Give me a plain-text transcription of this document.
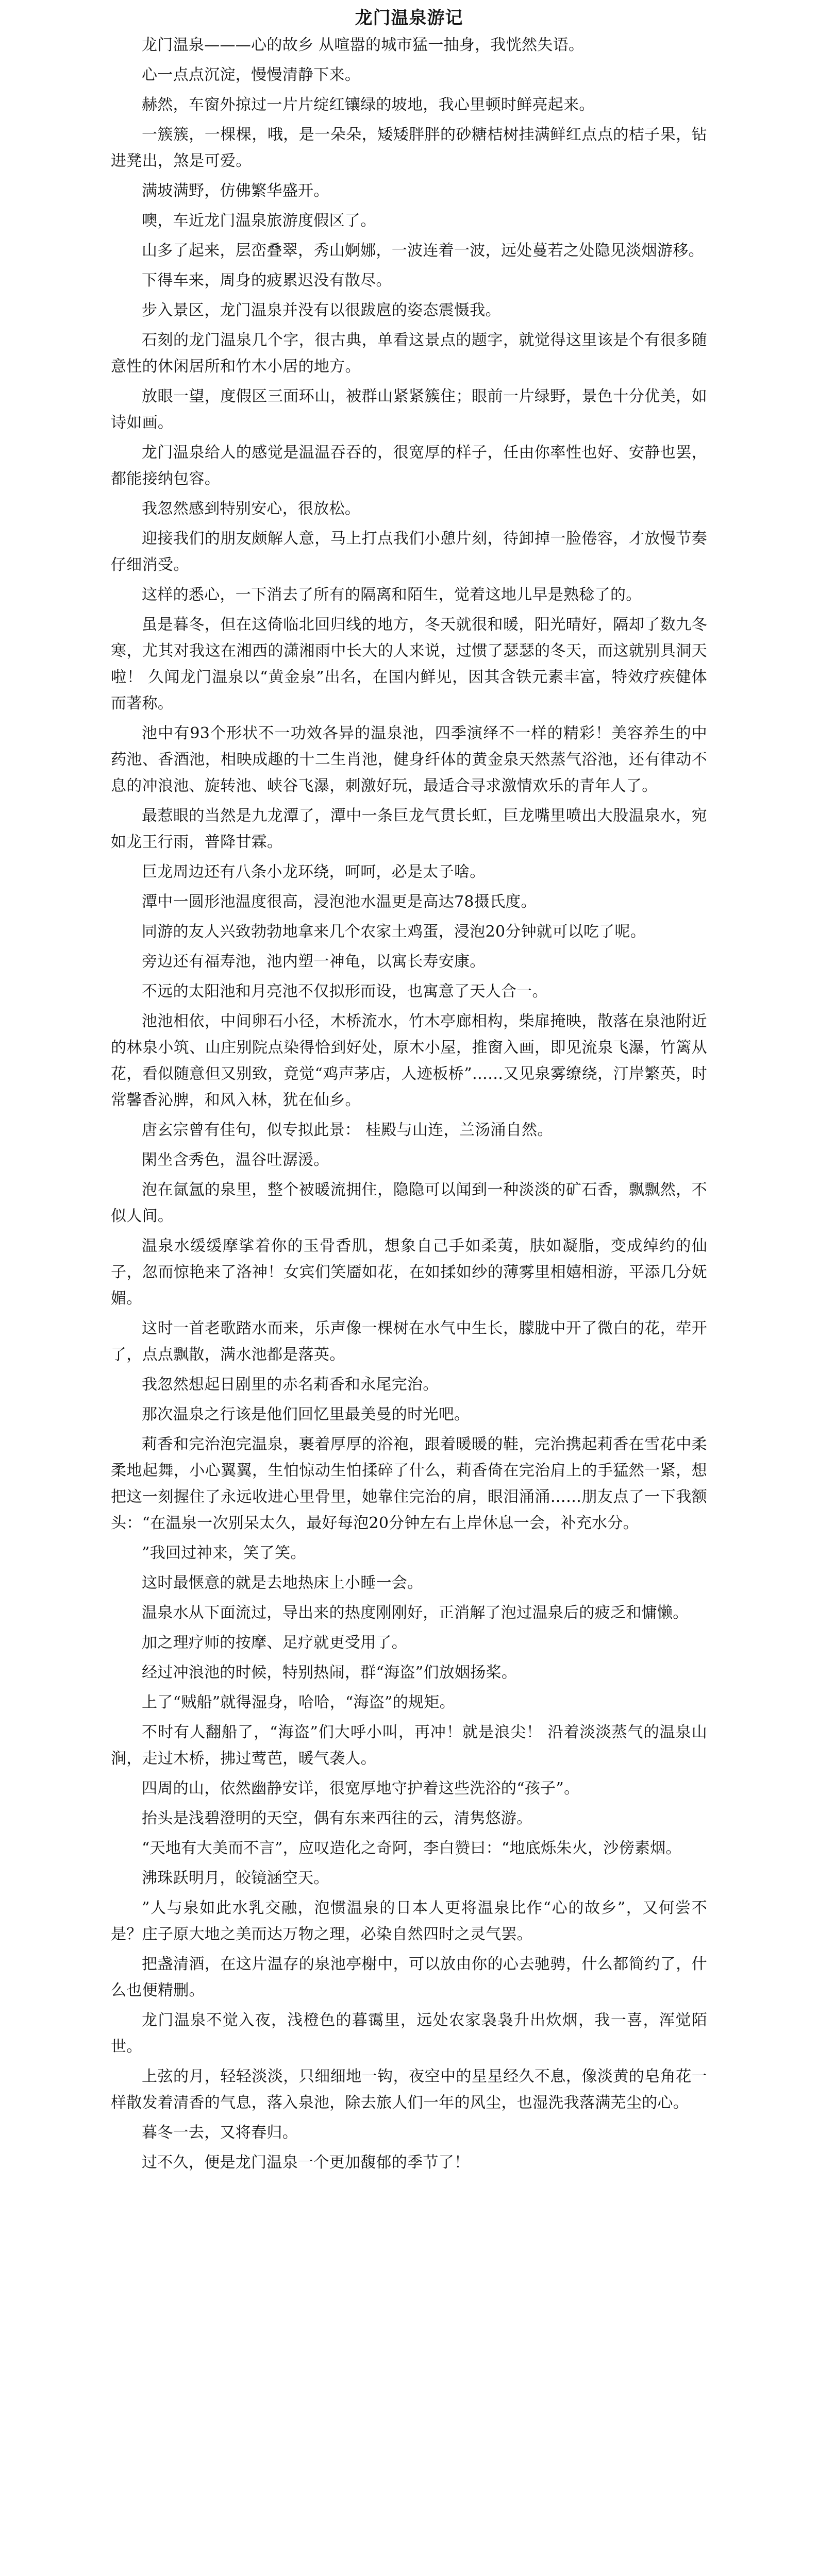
龙门温泉游记

龙门温泉———心的故乡 从喧嚣的城市猛一抽身，我恍然失语。

心一点点沉淀，慢慢清静下来。

赫然，车窗外掠过一片片绽红镶绿的坡地，我心里顿时鲜亮起来。

一簇簇，一棵棵，哦，是一朵朵，矮矮胖胖的砂糖桔树挂满鲜红点点的桔子果，钻进凳出，煞是可爱。

满坡满野，仿佛繁华盛开。

噢，车近龙门温泉旅游度假区了。

山多了起来，层峦叠翠，秀山婀娜，一波连着一波，远处蔓若之处隐见淡烟游移。

下得车来，周身的疲累迟没有散尽。

步入景区，龙门温泉并没有以很跋扈的姿态震慑我。

石刻的龙门温泉几个字，很古典，单看这景点的题字，就觉得这里该是个有很多随意性的休闲居所和竹木小居的地方。

放眼一望，度假区三面环山，被群山紧紧簇住；眼前一片绿野，景色十分优美，如诗如画。

龙门温泉给人的感觉是温温吞吞的，很宽厚的样子，任由你率性也好、安静也罢，都能接纳包容。

我忽然感到特别安心，很放松。

迎接我们的朋友颇解人意，马上打点我们小憩片刻，待卸掉一脸倦容，才放慢节奏仔细消受。

这样的悉心，一下消去了所有的隔离和陌生，觉着这地儿早是熟稔了的。

虽是暮冬，但在这倚临北回归线的地方，冬天就很和暖，阳光晴好，隔却了数九冬寒，尤其对我这在湘西的潇湘雨中长大的人来说，过惯了瑟瑟的冬天，而这就别具洞天啦！ 久闻龙门温泉以“黄金泉”出名，在国内鲜见，因其含铁元素丰富，特效疗疾健体而著称。

池中有93个形状不一功效各异的温泉池，四季演绎不一样的精彩！美容养生的中药池、香酒池，相映成趣的十二生肖池，健身纤体的黄金泉天然蒸气浴池，还有律动不息的冲浪池、旋转池、峡谷飞瀑，刺激好玩，最适合寻求激情欢乐的青年人了。

最惹眼的当然是九龙潭了，潭中一条巨龙气贯长虹，巨龙嘴里喷出大股温泉水，宛如龙王行雨，普降甘霖。

巨龙周边还有八条小龙环绕，呵呵，必是太子啥。

潭中一圆形池温度很高，浸泡池水温更是高达78摄氏度。

同游的友人兴致勃勃地拿来几个农家土鸡蛋，浸泡20分钟就可以吃了呢。

旁边还有福寿池，池内塑一神龟，以寓长寿安康。

不远的太阳池和月亮池不仅拟形而设，也寓意了天人合一。

池池相依，中间卵石小径，木桥流水，竹木亭廊相构，柴扉掩映，散落在泉池附近的林泉小筑、山庄别院点染得恰到好处，原木小屋，推窗入画，即见流泉飞瀑，竹篱从花，看似随意但又别致，竟觉“鸡声茅店，人迹板桥”……又见泉雾缭绕，汀岸繁英，时常馨香沁脾，和风入林，犹在仙乡。

唐玄宗曾有佳句，似专拟此景： 桂殿与山连，兰汤涌自然。

閑坐含秀色，温谷吐潺湲。

泡在氤氲的泉里，整个被暖流拥住，隐隐可以闻到一种淡淡的矿石香，飘飘然，不似人间。

温泉水缓缓摩挲着你的玉骨香肌，想象自己手如柔荑，肤如凝脂，变成绰约的仙子，忽而惊艳来了洛神！女宾们笑靥如花，在如揉如纱的薄雾里相嬉相游，平添几分妩媚。

这时一首老歌踏水而来，乐声像一棵树在水气中生长，朦胧中开了微白的花，荦开了，点点飘散，满水池都是落英。

我忽然想起日剧里的赤名莉香和永尾完治。

那次温泉之行该是他们回忆里最美曼的时光吧。

莉香和完治泡完温泉，裹着厚厚的浴袍，跟着暖暖的鞋，完治携起莉香在雪花中柔柔地起舞，小心翼翼，生怕惊动生怕揉碎了什么，莉香倚在完治肩上的手猛然一紧，想把这一刻握住了永远收进心里骨里，她靠住完治的肩，眼泪涌涌……朋友点了一下我额头：“在温泉一次别呆太久，最好每泡20分钟左右上岸休息一会，补充水分。

”我回过神来，笑了笑。

这时最惬意的就是去地热床上小睡一会。

温泉水从下面流过，导出来的热度刚刚好，正消解了泡过温泉后的疲乏和慵懒。

加之理疗师的按摩、足疗就更受用了。

经过冲浪池的时候，特别热闹，群“海盗”们放姻扬桨。

上了“贼船”就得湿身，哈哈，“海盗”的规矩。

不时有人翻船了，“海盗”们大呼小叫，再冲！就是浪尖！ 沿着淡淡蒸气的温泉山涧，走过木桥，拂过莺芭，暖气袭人。

四周的山，依然幽静安详，很宽厚地守护着这些洗浴的“孩子”。

抬头是浅碧澄明的天空，偶有东来西往的云，清隽悠游。

“天地有大美而不言”，应叹造化之奇阿，李白赞曰：“地底烁朱火，沙傍素烟。

沸珠跃明月，皎镜涵空天。

”人与泉如此水乳交融，泡惯温泉的日本人更将温泉比作“心的故乡”，又何尝不是？庄子原大地之美而达万物之理，必染自然四时之灵气罢。

把盏清酒，在这片温存的泉池亭榭中，可以放由你的心去驰骋，什么都简约了，什么也便精删。

龙门温泉不觉入夜，浅橙色的暮霭里，远处农家袅袅升出炊烟，我一喜，浑觉陌世。

上弦的月，轻轻淡淡，只细细地一钩，夜空中的星星经久不息，像淡黄的皂角花一样散发着清香的气息，落入泉池，除去旅人们一年的风尘，也湿洗我落满芜尘的心。

暮冬一去，又将春归。

过不久，便是龙门温泉一个更加馥郁的季节了！
